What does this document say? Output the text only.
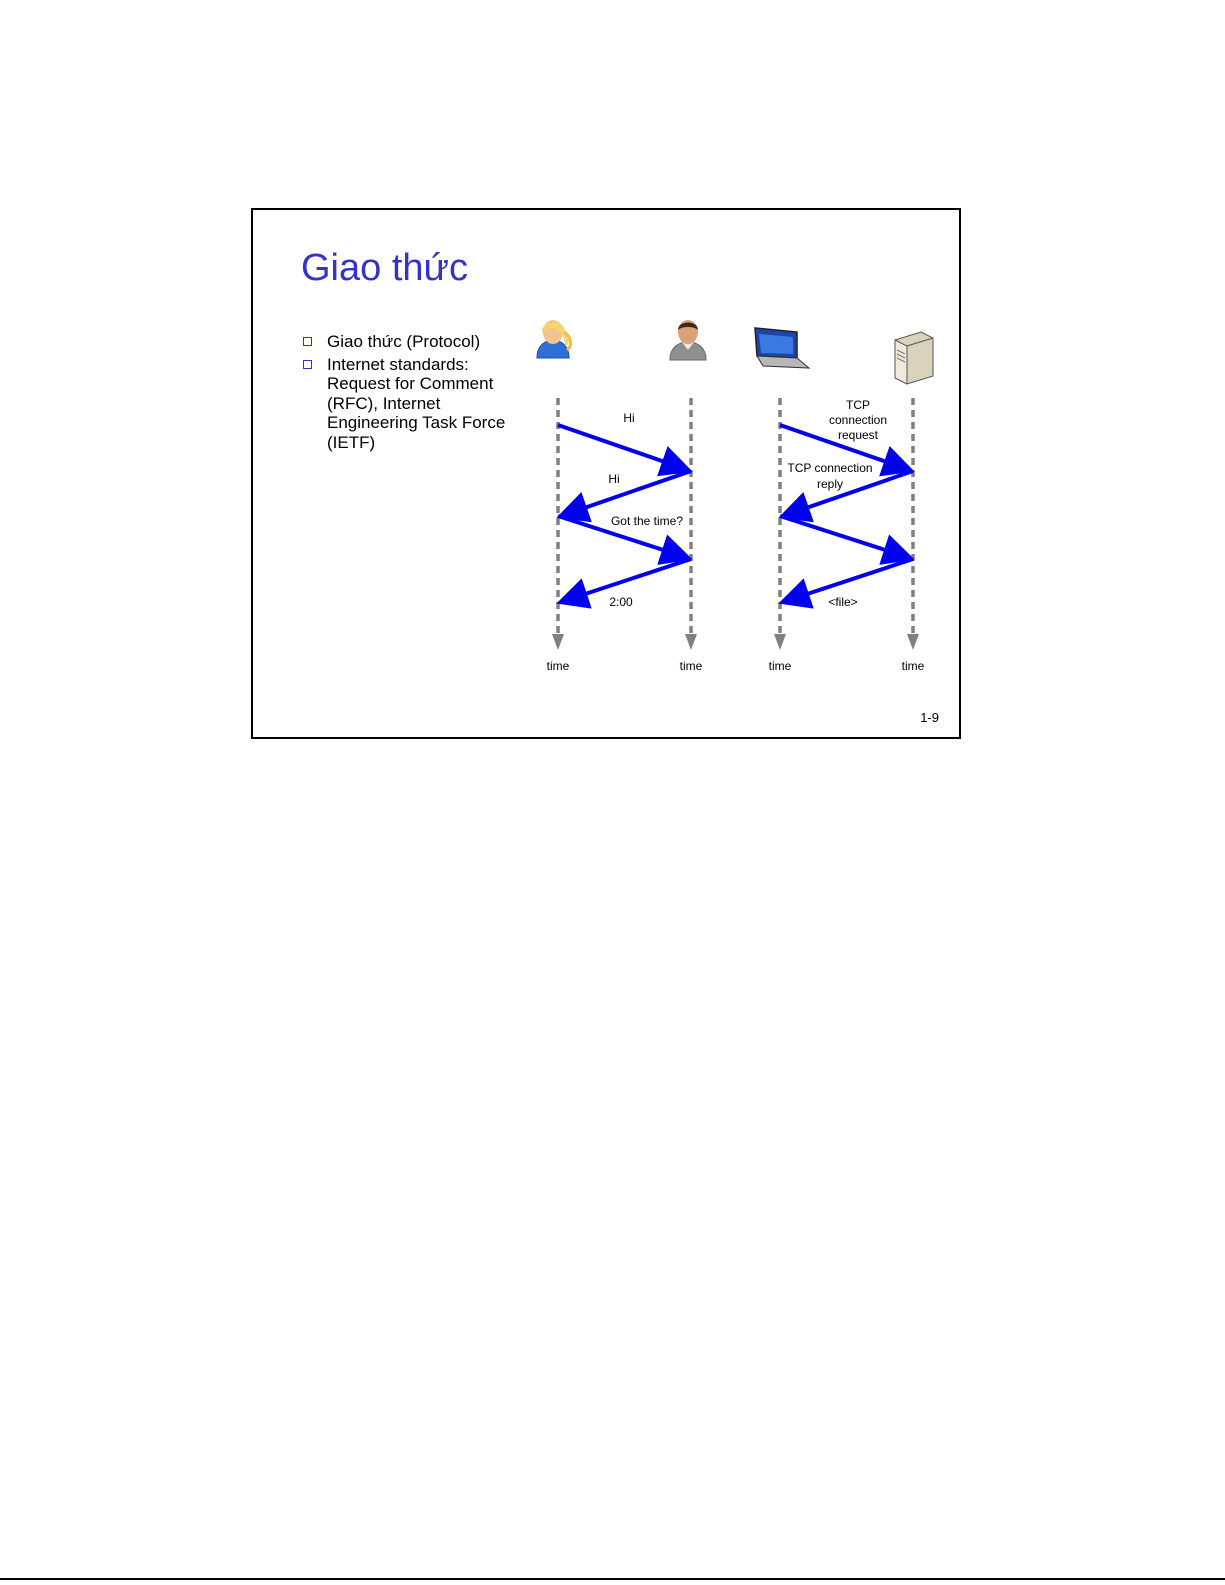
Giao thức
Giao thức (Protocol)
Internet standards: Request for Comment (RFC), Internet Engineering Task Force (IETF)
Hi
Hi
Got the time?
2:00
TCP
connection
request
TCP connection
reply
<file>
time	time	time	time
1-9
